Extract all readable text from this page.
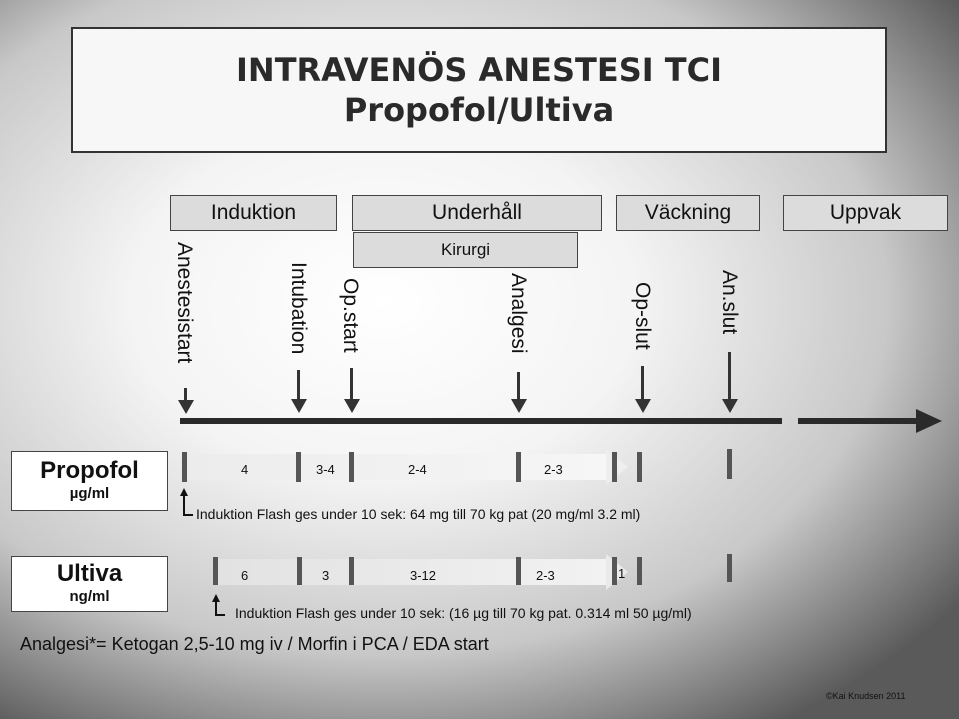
INTRAVENÖS ANESTESI TCI
Propofol/Ultiva
Induktion	Underhåll	Väckning	Uppvak
Kirurgi
Anestesistart	Intubation Op.start	Analgesi	Op-slut	An.slut
Propofol
µg/ml
4	3-4	2-4	2-3
Induktion Flash ges under 10 sek: 64 mg till 70 kg pat (20 mg/ml 3.2 ml)
Ultiva
ng/ml
6	3	3-12	2-3	1
Induktion Flash ges under 10 sek: (16 µg till 70 kg pat. 0.314 ml 50 µg/ml)
Analgesi*= Ketogan 2,5-10 mg iv / Morfin i PCA / EDA start
©Kai Knudsen 2011
